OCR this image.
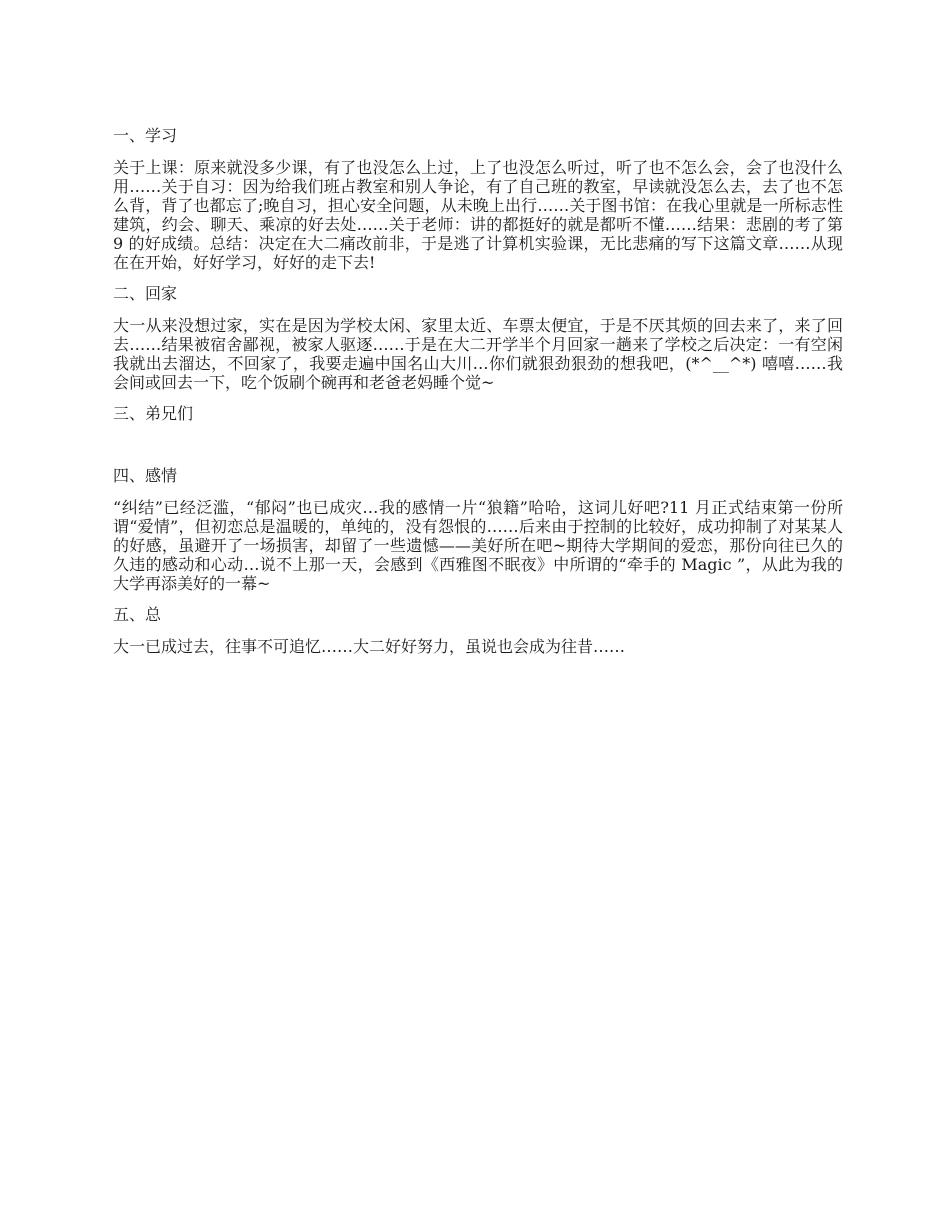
一、学习
关于上课：原来就没多少课，有了也没怎么上过，上了也没怎么听过，听了也不怎么会，会了也没什么用……关于自习：因为给我们班占教室和别人争论，有了自己班的教室，早读就没怎么去，去了也不怎么背，背了也都忘了;晚自习，担心安全问题，从未晚上出行……关于图书馆：在我心里就是一所标志性建筑，约会、聊天、乘凉的好去处……关于老师：讲的都挺好的就是都听不懂……结果：悲剧的考了第 9 的好成绩。总结：决定在大二痛改前非，于是逃了计算机实验课，无比悲痛的写下这篇文章……从现在在开始，好好学习，好好的走下去!
二、回家
大一从来没想过家，实在是因为学校太闲、家里太近、车票太便宜，于是不厌其烦的回去来了，来了回去……结果被宿舍鄙视，被家人驱逐……于是在大二开学半个月回家一趟来了学校之后决定：一有空闲我就出去溜达，不回家了，我要走遍中国名山大川…你们就狠劲狠劲的想我吧，(*^__^*) 嘻嘻……我会间或回去一下，吃个饭刷个碗再和老爸老妈睡个觉~
三、弟兄们
四、感情
“纠结”已经泛滥，“郁闷”也已成灾…我的感情一片“狼籍”哈哈，这词儿好吧?11 月正式结束第一份所谓“爱情”，但初恋总是温暖的，单纯的，没有怨恨的……后来由于控制的比较好，成功抑制了对某某人的好感，虽避开了一场损害，却留了一些遗憾——美好所在吧~期待大学期间的爱恋，那份向往已久的久违的感动和心动…说不上那一天，会感到《西雅图不眠夜》中所谓的“牵手的 Magic ”，从此为我的大学再添美好的一幕~
五、总
大一已成过去，往事不可追忆……大二好好努力，虽说也会成为往昔……
